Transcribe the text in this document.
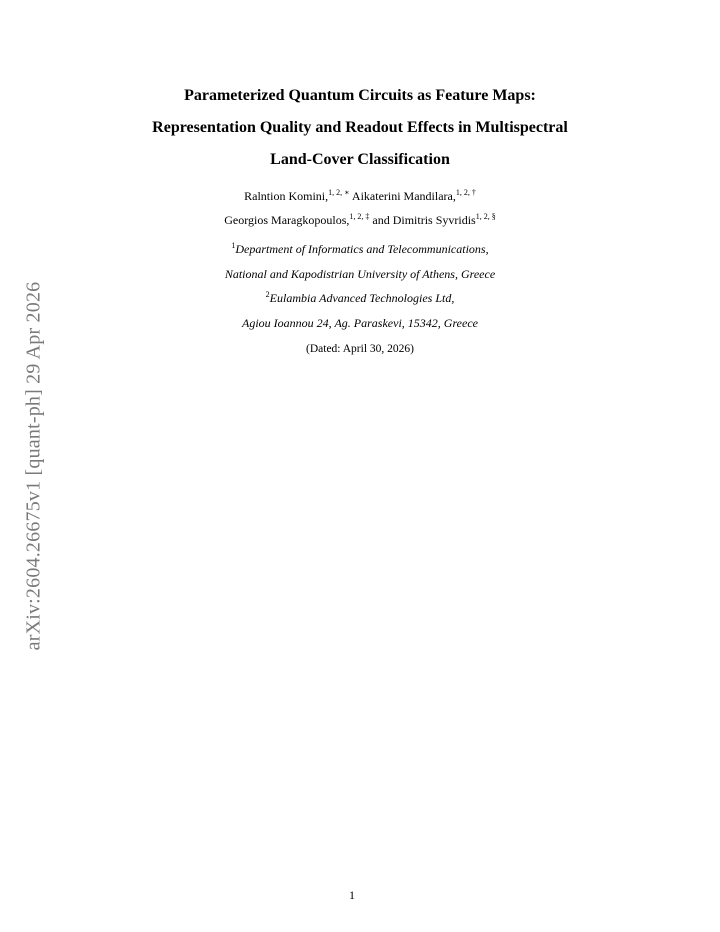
arXiv:2604.26675v1 [quant-ph] 29 Apr 2026
Parameterized Quantum Circuits as Feature Maps:
Representation Quality and Readout Effects in Multispectral
Land-Cover Classification
Ralntion Komini,$^{1, 2, ∗}$ Aikaterini Mandilara,$^{1, 2, \dagger}$
Georgios Maragkopoulos,$^{1, 2, \ddagger}$ and Dimitris Syvridis$^{1, 2, \S}$
$^1$Department of Informatics and Telecommunications,
National and Kapodistrian University of Athens, Greece
$^2$Eulambia Advanced Technologies Ltd,
Agiou Ioannou 24, Ag. Paraskevi, 15342, Greece
(Dated: April 30, 2026)
1
